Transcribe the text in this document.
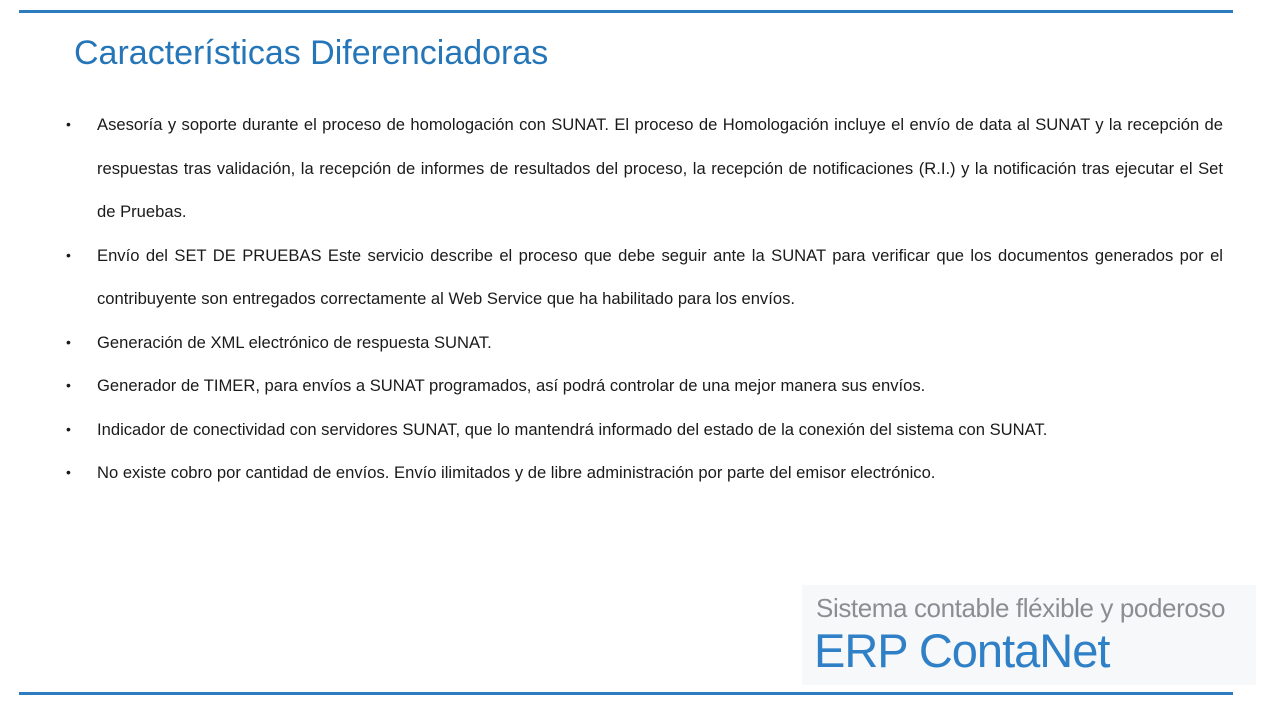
Características Diferenciadoras
• Asesoría y soporte durante el proceso de homologación con SUNAT. El proceso de Homologación incluye el envío de data al SUNAT y la recepción de respuestas tras validación, la recepción de informes de resultados del proceso, la recepción de notificaciones (R.I.) y la notificación tras ejecutar el Set de Pruebas.
• Envío del SET DE PRUEBAS Este servicio describe el proceso que debe seguir ante la SUNAT para verificar que los documentos generados por el contribuyente son entregados correctamente al Web Service que ha habilitado para los envíos.
• Generación de XML electrónico de respuesta SUNAT.
• Generador de TIMER, para envíos a SUNAT programados, así podrá controlar de una mejor manera sus envíos.
• Indicador de conectividad con servidores SUNAT, que lo mantendrá informado del estado de la conexión del sistema con SUNAT.
• No existe cobro por cantidad de envíos. Envío ilimitados y de libre administración por parte del emisor electrónico.
Sistema contable fléxible y poderoso
ERP ContaNet
